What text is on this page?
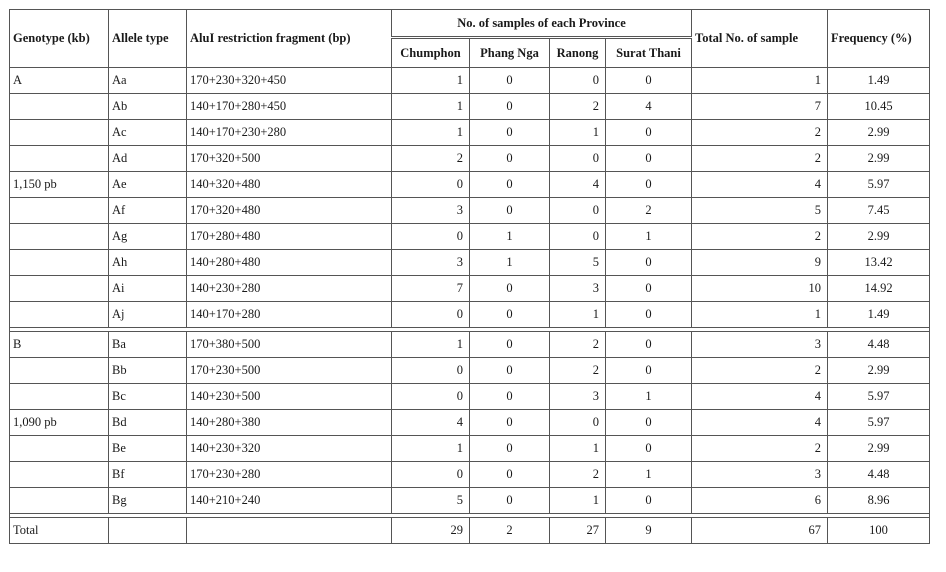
Genotype (kb)	Allele type	AluI restriction fragment (bp)	No. of samples of each Province				Total No. of sample	Frequency (%)
			Chumphon	Phang Nga	Ranong	Surat Thani		
A	Aa	170+230+320+450	1	0	0	0	1	1.49
	Ab	140+170+280+450	1	0	2	4	7	10.45
	Ac	140+170+230+280	1	0	1	0	2	2.99
	Ad	170+320+500	2	0	0	0	2	2.99
1,150 pb	Ae	140+320+480	0	0	4	0	4	5.97
	Af	170+320+480	3	0	0	2	5	7.45
	Ag	170+280+480	0	1	0	1	2	2.99
	Ah	140+280+480	3	1	5	0	9	13.42
	Ai	140+230+280	7	0	3	0	10	14.92
	Aj	140+170+280	0	0	1	0	1	1.49

B	Ba	170+380+500	1	0	2	0	3	4.48
	Bb	170+230+500	0	0	2	0	2	2.99
	Bc	140+230+500	0	0	3	1	4	5.97
1,090 pb	Bd	140+280+380	4	0	0	0	4	5.97
	Be	140+230+320	1	0	1	0	2	2.99
	Bf	170+230+280	0	0	2	1	3	4.48
	Bg	140+210+240	5	0	1	0	6	8.96

Total			29	2	27	9	67	100
